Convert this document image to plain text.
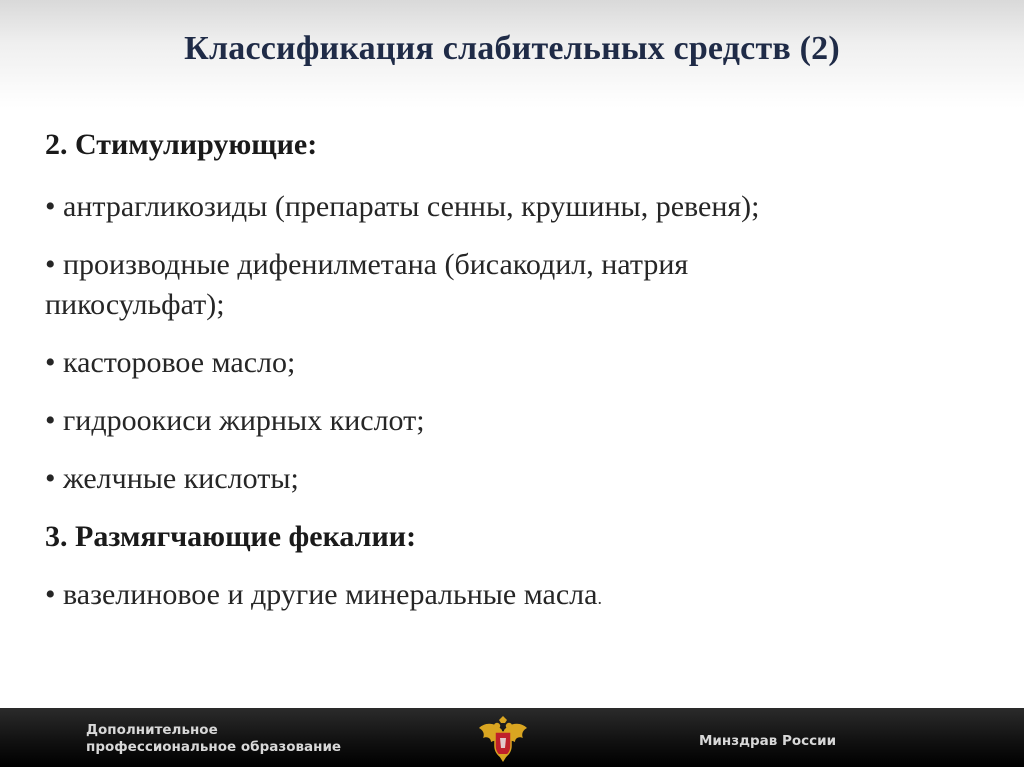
Классификация слабительных средств (2)
2. Стимулирующие:
• антрагликозиды (препараты сенны, крушины, ревеня);
• производные дифенилметана (бисакодил, натрия
пикосульфат);
• касторовое масло;
• гидроокиси жирных кислот;
• желчные кислоты;
3. Размягчающие фекалии:
• вазелиновое и другие минеральные масла.
Дополнительное
профессиональное образование	Минздрав России
